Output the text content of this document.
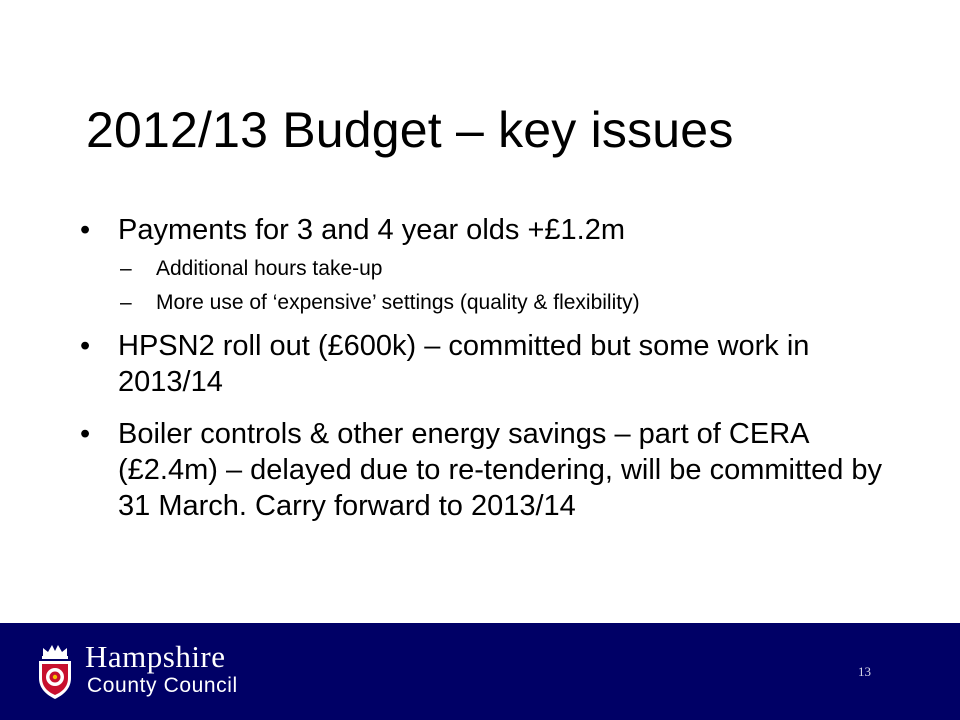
2012/13 Budget – key issues
• Payments for 3 and 4 year olds +£1.2m
– Additional hours take-up
– More use of ‘expensive’ settings (quality & flexibility)
• HPSN2 roll out (£600k) – committed but some work in 2013/14
• Boiler controls & other energy savings – part of CERA (£2.4m) – delayed due to re-tendering, will be committed by 31 March. Carry forward to 2013/14
Hampshire
County Council
13
